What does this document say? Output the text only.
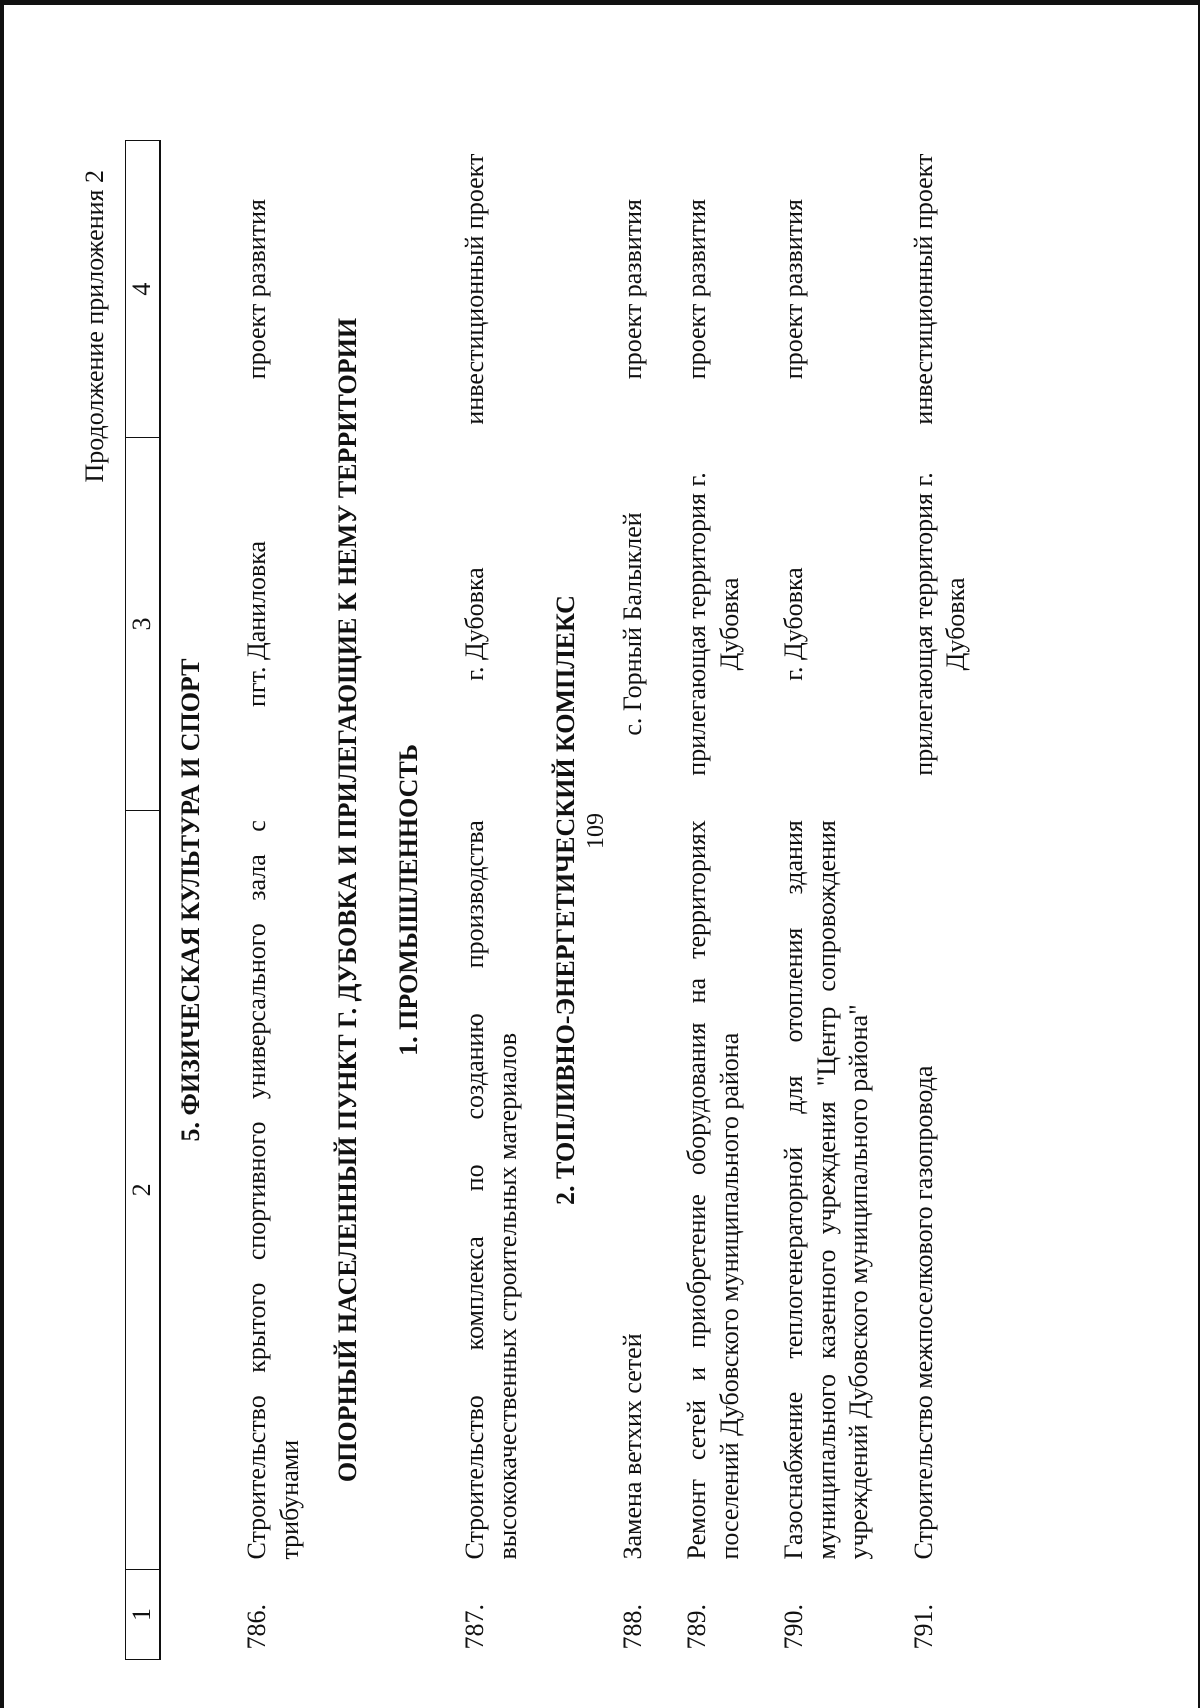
109
Продолжение приложения 2
1	2	3	4
5. ФИЗИЧЕСКАЯ КУЛЬТУРА И СПОРТ			
786.	Строительство крытого спортивного универсального зала с трибунами	пгт. Даниловка	проект развития
ОПОРНЫЙ НАСЕЛЕННЫЙ ПУНКТ Г. ДУБОВКА И ПРИЛЕГАЮЩИЕ К НЕМУ ТЕРРИТОРИИ			
1. ПРОМЫШЛЕННОСТЬ			
787.	Строительство комплекса по созданию производства высококачественных строительных материалов	г. Дубовка	инвестиционный проект
2. ТОПЛИВНО-ЭНЕРГЕТИЧЕСКИЙ КОМПЛЕКС			
788.	Замена ветхих сетей	с. Горный Балыклей	проект развития
789.	Ремонт сетей и приобретение оборудования на территориях поселений Дубовского муниципального района	прилегающая территория г. Дубовка	проект развития
790.	Газоснабжение теплогенераторной для отопления здания муниципального казенного учреждения "Центр сопровождения учреждений Дубовского муниципального района"	г. Дубовка	проект развития
791.	Строительство межпоселкового газопровода	прилегающая территория г. Дубовка	инвестиционный проект
